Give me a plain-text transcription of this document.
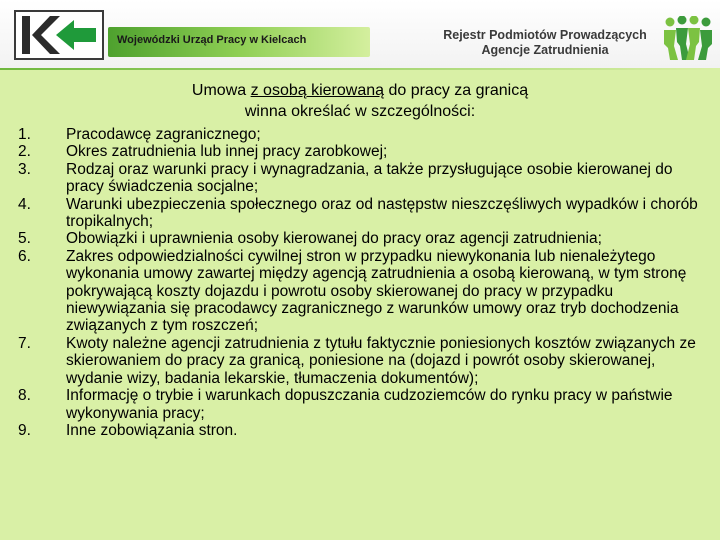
Wojewódzki Urząd Pracy w Kielcach	Rejestr Podmiotów Prowadzących
Agencje Zatrudnienia
Umowa z osobą kierowaną do pracy za granicą
winna określać w szczególności:
1.	Pracodawcę zagranicznego;
2.	Okres zatrudnienia lub innej pracy zarobkowej;
3.	Rodzaj oraz warunki pracy i wynagradzania, a także przysługujące osobie kierowanej do pracy świadczenia socjalne;
4.	Warunki ubezpieczenia społecznego oraz od następstw nieszczęśliwych wypadków i chorób tropikalnych;
5.	Obowiązki i uprawnienia osoby kierowanej do pracy oraz agencji zatrudnienia;
6.	Zakres odpowiedzialności cywilnej stron w przypadku niewykonania lub nienależytego wykonania umowy zawartej między agencją zatrudnienia a osobą kierowaną, w tym stronę pokrywającą koszty dojazdu i powrotu osoby skierowanej do pracy w przypadku niewywiązania się pracodawcy zagranicznego z warunków umowy oraz tryb dochodzenia związanych z tym roszczeń;
7.	Kwoty należne agencji zatrudnienia z tytułu faktycznie poniesionych kosztów związanych ze skierowaniem do pracy za granicą, poniesione na (dojazd i powrót osoby skierowanej, wydanie wizy, badania lekarskie, tłumaczenia dokumentów);
8.	Informację o trybie i warunkach dopuszczania cudzoziemców do rynku pracy w państwie wykonywania pracy;
9.	Inne zobowiązania stron.
